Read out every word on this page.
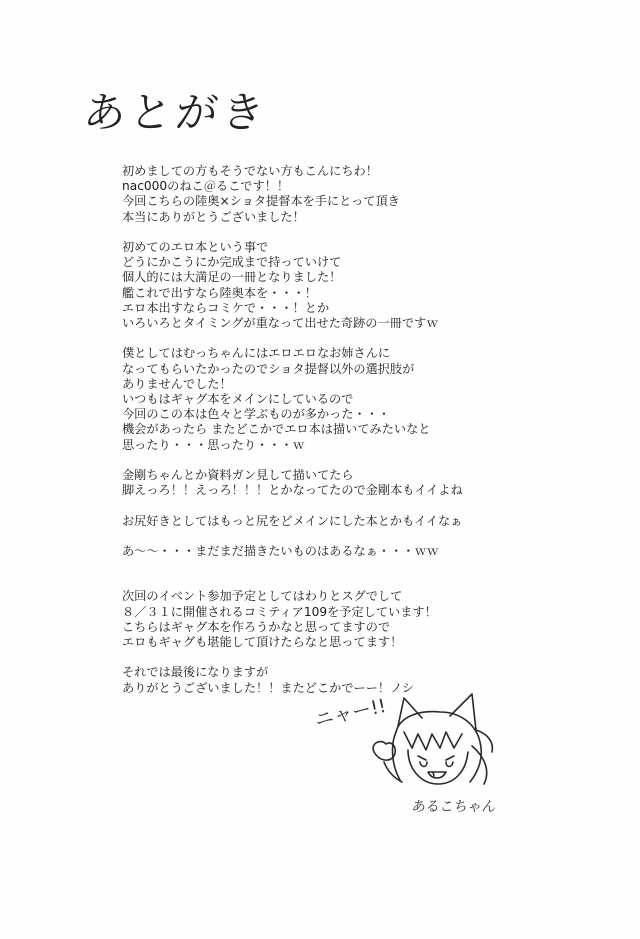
あとがき
初めましての方もそうでない方もこんにちわ！
nac000のねこ＠るこです！！
今回こちらの陸奥×ショタ提督本を手にとって頂き
本当にありがとうございました！
初めてのエロ本という事で
どうにかこうにか完成まで持っていけて
個人的には大満足の一冊となりました！
艦これで出すなら陸奥本を・・・！
エロ本出すならコミケで・・・！とか
いろいろとタイミングが重なって出せた奇跡の一冊ですｗ
僕としてはむっちゃんにはエロエロなお姉さんに
なってもらいたかったのでショタ提督以外の選択肢が
ありませんでした！
いつもはギャグ本をメインにしているので
今回のこの本は色々と学ぶものが多かった・・・
機会があったら またどこかでエロ本は描いてみたいなと
思ったり・・・思ったり・・・ｗ
金剛ちゃんとか資料ガン見して描いてたら
脚えっろ！！えっろ！！！とかなってたので金剛本もイイよね
お尻好きとしてはもっと尻をどメインにした本とかもイイなぁ
あ～～・・・まだまだ描きたいものはあるなぁ・・・ｗｗ
次回のイベント参加予定としてはわりとスグでして
８／３１に開催されるコミティア109を予定しています！
こちらはギャグ本を作ろうかなと思ってますので
エロもギャグも堪能して頂けたらなと思ってます！
それでは最後になりますが
ありがとうございました！！またどこかでーー！ノシ
ニャー!!
あるこちゃん
